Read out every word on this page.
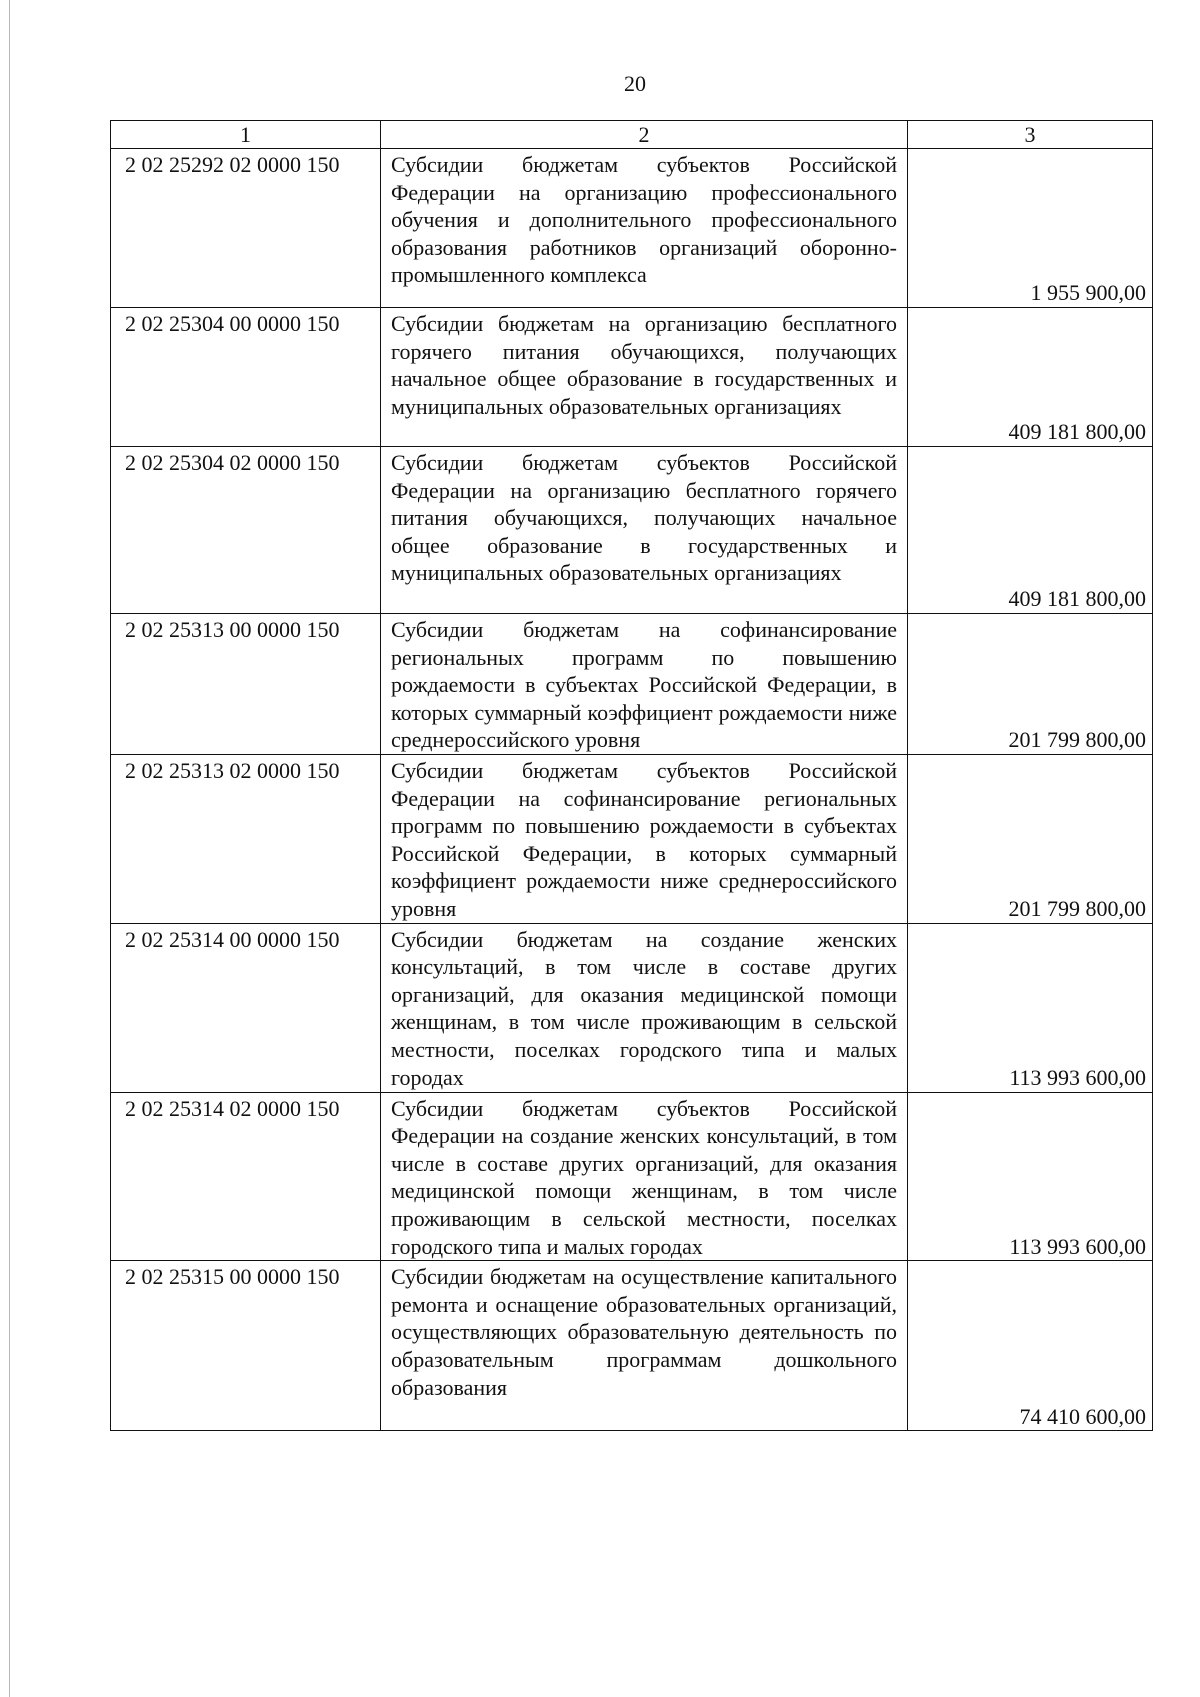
20
1	2	3
2 02 25292 02 0000 150	Субсидии бюджетам субъектов Российской Федерации на организацию профессионального обучения и дополнительного профессионального образования работников организаций оборонно-промышленного комплекса	1 955 900,00
2 02 25304 00 0000 150	Субсидии бюджетам на организацию бесплатного горячего питания обучающихся, получающих начальное общее образование в государственных и муниципальных образовательных организациях	409 181 800,00
2 02 25304 02 0000 150	Субсидии бюджетам субъектов Российской Федерации на организацию бесплатного горячего питания обучающихся, получающих начальное общее образование в государственных и муниципальных образовательных организациях	409 181 800,00
2 02 25313 00 0000 150	Субсидии бюджетам на софинансирование региональных программ по повышению рождаемости в субъектах Российской Федерации, в которых суммарный коэффициент рождаемости ниже среднероссийского уровня	201 799 800,00
2 02 25313 02 0000 150	Субсидии бюджетам субъектов Российской Федерации на софинансирование региональных программ по повышению рождаемости в субъектах Российской Федерации, в которых суммарный коэффициент рождаемости ниже среднероссийского уровня	201 799 800,00
2 02 25314 00 0000 150	Субсидии бюджетам на создание женских консультаций, в том числе в составе других организаций, для оказания медицинской помощи женщинам, в том числе проживающим в сельской местности, поселках городского типа и малых городах	113 993 600,00
2 02 25314 02 0000 150	Субсидии бюджетам субъектов Российской Федерации на создание женских консультаций, в том числе в составе других организаций, для оказания медицинской помощи женщинам, в том числе проживающим в сельской местности, поселках городского типа и малых городах	113 993 600,00
2 02 25315 00 0000 150	Субсидии бюджетам на осуществление капитального ремонта и оснащение образовательных организаций, осуществляющих образовательную деятельность по образовательным программам дошкольного образования	74 410 600,00
